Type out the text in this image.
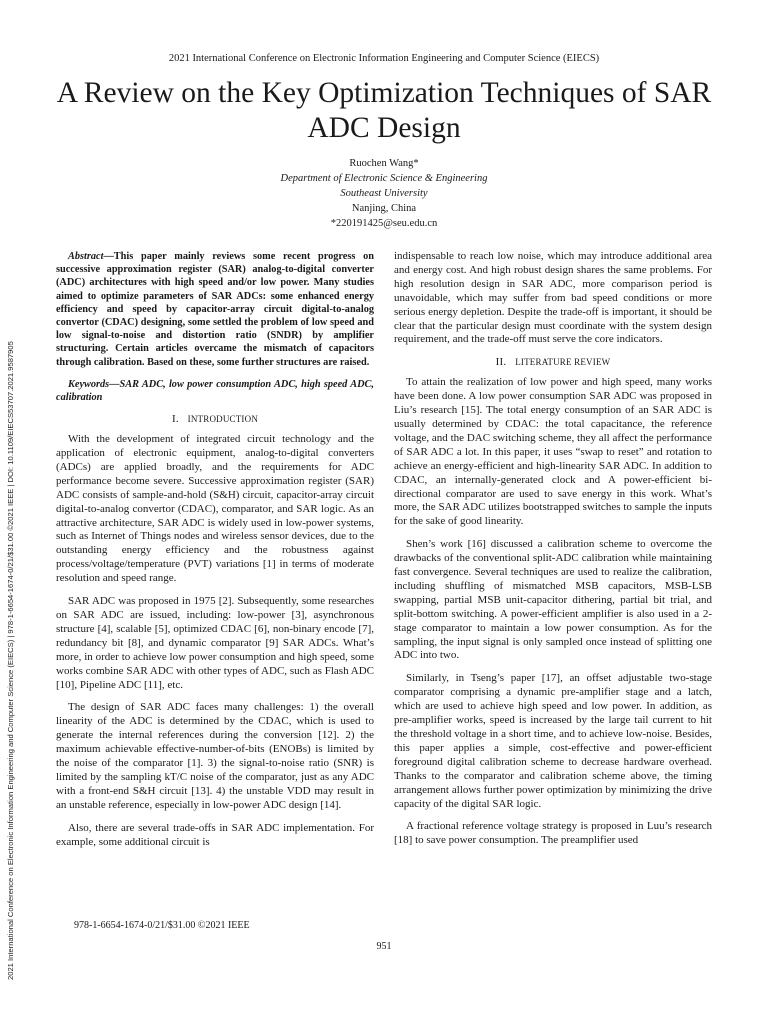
2021 International Conference on Electronic Information Engineering and Computer Science (EIECS)
A Review on the Key Optimization Techniques of SAR ADC Design
Ruochen Wang*
Department of Electronic Science & Engineering
Southeast University
Nanjing, China
*220191425@seu.edu.cn
2021 International Conference on Electronic Information Engineering and Computer Science (EIECS) | 978-1-6654-1674-0/21/$31.00 ©2021 IEEE | DOI: 10.1109/EIECS53707.2021.9587905

Abstract—This paper mainly reviews some recent progress on successive approximation register (SAR) analog-to-digital converter (ADC) architectures with high speed and/or low power. Many studies aimed to optimize parameters of SAR ADCs: some enhanced energy efficiency and speed by capacitor-array circuit digital-to-analog convertor (CDAC) designing, some settled the problem of low speed and low signal-to-noise and distortion ratio (SNDR) by amplifier structuring. Certain articles overcame the mismatch of capacitors through calibration. Based on these, some further structures are raised.

Keywords—SAR ADC, low power consumption ADC, high speed ADC, calibration

I. INTRODUCTION

With the development of integrated circuit technology and the application of electronic equipment, analog-to-digital converters (ADCs) are applied broadly, and the requirements for ADC performance become severe. Successive approximation register (SAR) ADC consists of sample-and-hold (S&H) circuit, capacitor-array circuit digital-to-analog convertor (CDAC), comparator, and SAR logic. As an attractive architecture, SAR ADC is widely used in low-power systems, such as Internet of Things nodes and wireless sensor devices, due to the outstanding energy efficiency and the robustness against process/voltage/temperature (PVT) variations [1] in terms of moderate resolution and speed range.

SAR ADC was proposed in 1975 [2]. Subsequently, some researches on SAR ADC are issued, including: low-power [3], asynchronous structure [4], scalable [5], optimized CDAC [6], non-binary encode [7], redundancy bit [8], and dynamic comparator [9] SAR ADCs. What’s more, in order to achieve low power consumption and high speed, some works combine SAR ADC with other types of ADC, such as Flash ADC [10], Pipeline ADC [11], etc.

The design of SAR ADC faces many challenges: 1) the overall linearity of the ADC is determined by the CDAC, which is used to generate the internal references during the conversion [12]. 2) the maximum achievable effective-number-of-bits (ENOBs) is limited by the noise of the comparator [1]. 3) the signal-to-noise ratio (SNR) is limited by the sampling kT/C noise of the comparator, just as any ADC with a front-end S&H circuit [13]. 4) the unstable VDD may result in an unstable reference, especially in low-power ADC design [14].

Also, there are several trade-offs in SAR ADC implementation. For example, some additional circuit is

indispensable to reach low noise, which may introduce additional area and energy cost. And high robust design shares the same problems. For high resolution design in SAR ADC, more comparison period is unavoidable, which may suffer from bad speed conditions or more serious energy depletion. Despite the trade-off is important, it should be clear that the particular design must coordinate with the system design requirement, and the trade-off must serve the core indicators.

II. LITERATURE REVIEW

To attain the realization of low power and high speed, many works have been done. A low power consumption SAR ADC was proposed in Liu’s research [15]. The total energy consumption of an SAR ADC is usually determined by CDAC: the total capacitance, the reference voltage, and the DAC switching scheme, they all affect the performance of SAR ADC a lot. In this paper, it uses “swap to reset” and rotation to achieve an energy-efficient and high-linearity SAR ADC. In addition to CDAC, an internally-generated clock and A power-efficient bi-directional comparator are used to save energy in this work. What’s more, the SAR ADC utilizes bootstrapped switches to sample the inputs for the sake of good linearity.

Shen’s work [16] discussed a calibration scheme to overcome the drawbacks of the conventional split-ADC calibration while maintaining fast convergence. Several techniques are used to realize the calibration, including shuffling of mismatched MSB capacitors, MSB-LSB swapping, partial MSB unit-capacitor dithering, partial bit trial, and split-bottom switching. A power-efficient amplifier is also used in a 2-stage comparator to maintain a low power consumption. As for the sampling, the input signal is only sampled once instead of splitting one ADC into two.

Similarly, in Tseng’s paper [17], an offset adjustable two-stage comparator comprising a dynamic pre-amplifier stage and a latch, which are used to achieve high speed and low power. In addition, as pre-amplifier works, speed is increased by the large tail current to hit the threshold voltage in a short time, and to achieve low-noise. Besides, this paper applies a simple, cost-effective and power-efficient foreground digital calibration scheme to decrease hardware overhead. Thanks to the comparator and calibration scheme above, the timing arrangement allows further power optimization by minimizing the drive capacity of the digital SAR logic.

A fractional reference voltage strategy is proposed in Luu’s research [18] to save power consumption. The preamplifier used

978-1-6654-1674-0/21/$31.00 ©2021 IEEE
951
